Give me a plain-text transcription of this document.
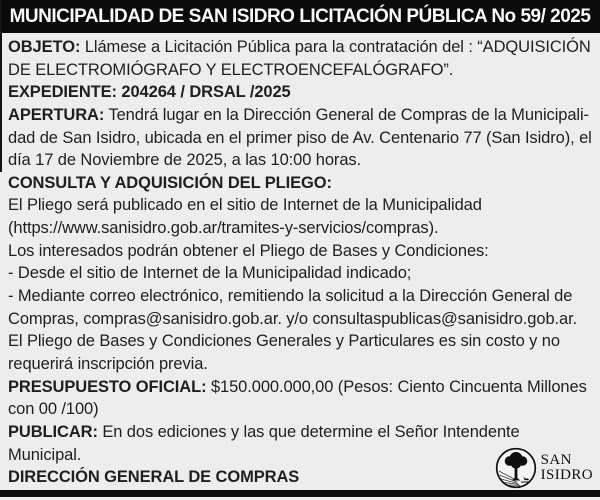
MUNICIPALIDAD DE SAN ISIDRO LICITACIÓN PÚBLICA No 59/ 2025
OBJETO: Llámese a Licitación Pública para la contratación del : “ADQUISICIÓN
DE ELECTROMIÓGRAFO Y ELECTROENCEFALÓGRAFO”.
EXPEDIENTE: 204264 / DRSAL /2025
APERTURA: Tendrá lugar en la Dirección General de Compras de la Municipali-
dad de San Isidro, ubicada en el primer piso de Av. Centenario 77 (San Isidro), el
día 17 de Noviembre de 2025, a las 10:00 horas.
CONSULTA Y ADQUISICIÓN DEL PLIEGO:
El Pliego será publicado en el sitio de Internet de la Municipalidad
(https://www.sanisidro.gob.ar/tramites-y-servicios/compras).
Los interesados podrán obtener el Pliego de Bases y Condiciones:
- Desde el sitio de Internet de la Municipalidad indicado;
- Mediante correo electrónico, remitiendo la solicitud a la Dirección General de
Compras, compras@sanisidro.gob.ar. y/o consultaspublicas@sanisidro.gob.ar.
El Pliego de Bases y Condiciones Generales y Particulares es sin costo y no
requerirá inscripción previa.
PRESUPUESTO OFICIAL: $150.000.000,00 (Pesos: Ciento Cincuenta Millones
con 00 /100)
PUBLICAR: En dos ediciones y las que determine el Señor Intendente
Municipal.
DIRECCIÓN GENERAL DE COMPRAS
SAN
ISIDRO
